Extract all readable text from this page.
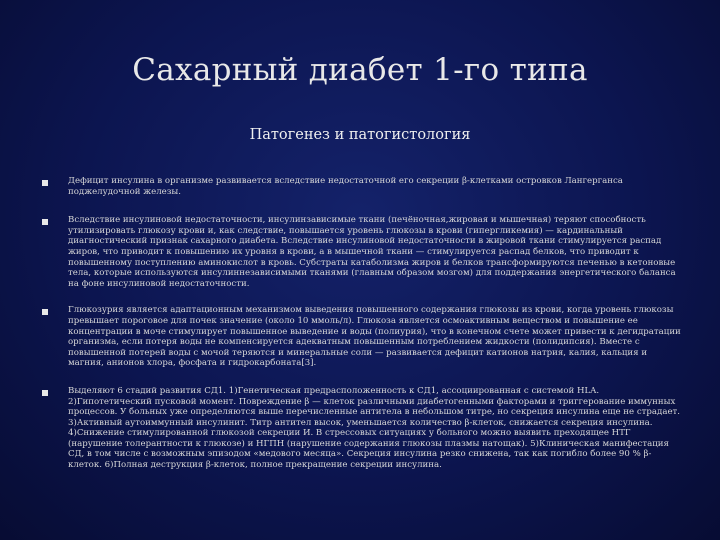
Сахарный диабет 1-го типа
Патогенез и патогистология
Дефицит инсулина в организме развивается вследствие недостаточной его секреции β-клетками островков Лангерганса поджелудочной железы.
Вследствие инсулиновой недостаточности, инсулинзависимые ткани (печёночная,жировая и мышечная) теряют способность утилизировать глюкозу крови и, как следствие, повышается уровень глюкозы в крови (гипергликемия) — кардинальный диагностический признак сахарного диабета. Вследствие инсулиновой недостаточности в жировой ткани стимулируется распад жиров, что приводит к повышению их уровня в крови, а в мышечной ткани — стимулируется распад белков, что приводит к повышенному поступлению аминокислот в кровь. Субстраты катаболизма жиров и белков трансформируются печенью в кетоновые тела, которые используются инсулиннезависимыми тканями (главным образом мозгом) для поддержания энергетического баланса на фоне инсулиновой недостаточности.
Глюкозурия является адаптационным механизмом выведения повышенного содержания глюкозы из крови, когда уровень глюкозы превышает пороговое для почек значение (около 10 ммоль/л). Глюкоза является осмоактивным веществом и повышение ее концентрации в моче стимулирует повышенное выведение и воды (полиурия), что в конечном счете может привести к дегидратации организма, если потеря воды не компенсируется адекватным повышенным потреблением жидкости (полидипсия). Вместе с повышенной потерей воды с мочой теряются и минеральные соли — развивается дефицит катионов натрия, калия, кальция и магния, анионов хлора, фосфата и гидрокарбоната[3].
Выделяют 6 стадий развития СД1. 1)Генетическая предрасположенность к СД1, ассоциированная с системой HLA. 2)Гипотетический пусковой момент. Повреждение β — клеток различными диабетогенными факторами и триггерование иммунных процессов. У больных уже определяются выше перечисленные антитела в небольшом титре, но секреция инсулина еще не страдает. 3)Активный аутоиммунный инсулинит. Титр антител высок, уменьшается количество β-клеток, снижается секреция инсулина. 4)Снижение стимулированной глюкозой секреции И. В стрессовых ситуациях у больного можно выявить преходящее НТГ (нарушение толерантности к глюкозе) и НГПН (нарушение содержания глюкозы плазмы натощак). 5)Клиническая манифестация СД, в том числе с возможным эпизодом «медового месяца». Секреция инсулина резко снижена, так как погибло более 90 % β-клеток. 6)Полная деструкция β-клеток, полное прекращение секреции инсулина.
